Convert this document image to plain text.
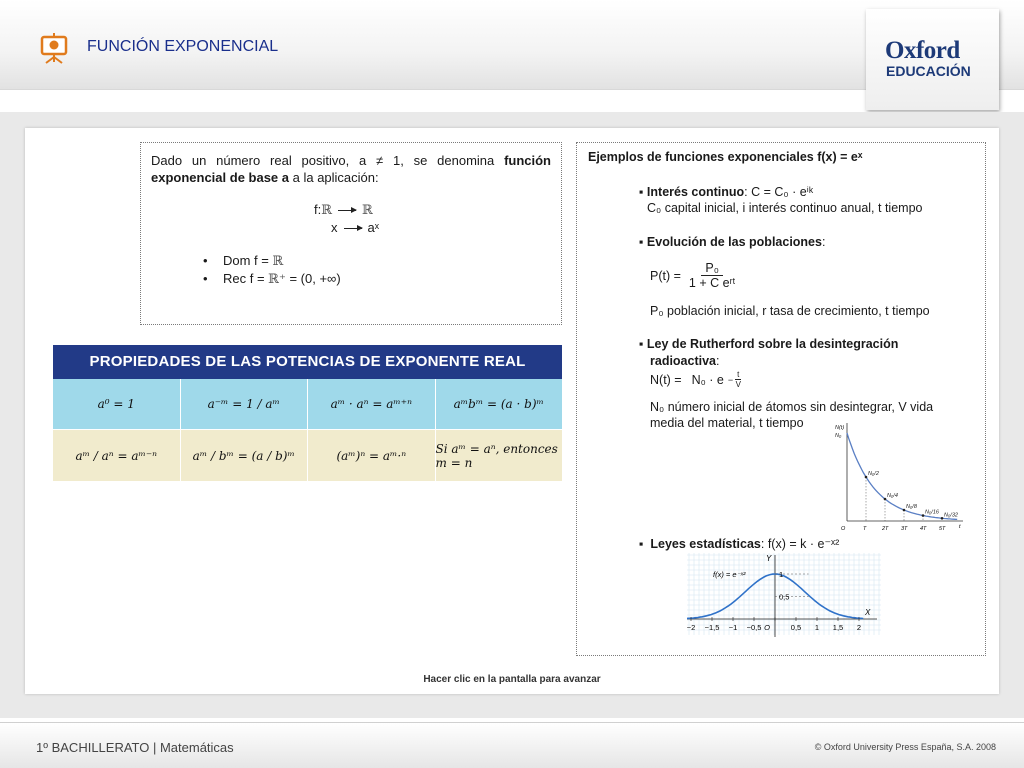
FUNCIÓN EXPONENCIAL	Oxford
EDUCACIÓN
Dado un número real positivo, a ≠ 1, se denomina función exponencial de base a a la aplicación:
f:ℝ ℝ
x aˣ
• Dom f = ℝ
• Rec f = ℝ⁺ = (0, +∞)
PROPIEDADES DE LAS POTENCIAS DE EXPONENTE REAL
a⁰ = 1	a⁻ᵐ = 1 / aᵐ	aᵐ · aⁿ = aᵐ⁺ⁿ	aᵐbᵐ = (a · b)ᵐ
aᵐ / aⁿ = aᵐ⁻ⁿ	aᵐ / bᵐ = (a / b)ᵐ	(aᵐ)ⁿ = aᵐ·ⁿ	Si aᵐ = aⁿ, entonces m = n
Ejemplos de funciones exponenciales f(x) = eˣ
▪ Interés continuo: C = C₀ · eⁱᵏ
C₀ capital inicial, i interés continuo anual, t tiempo
▪ Evolución de las poblaciones:
$P(t) = \frac{\text{P₀}}{\text{1 + C eʳᵗ}}$
P₀ población inicial, r tasa de crecimiento, t tiempo
▪ Ley de Rutherford sobre la desintegración
radioactiva:
$N(t) = N_0 \cdot e - \frac{t}{V}$
N₀ número inicial de átomos sin desintegrar, V vida
media del material, t tiempo
N₀/2
N₀/4
N₀/8
N₀/16 N₀/32
N(t)
N₀
O	T	2T 3T 4T 5T t
▪ Leyes estadísticas: f(x) = k · e⁻ˣ²
−2 −1,5 −1 −0,5 O	0,5 1 1,5 2
1
0,5
Y
X
f(x) = e⁻ˣ²
Hacer clic en la pantalla para avanzar
1º BACHILLERATO | Matemáticas	© Oxford University Press España, S.A. 2008
